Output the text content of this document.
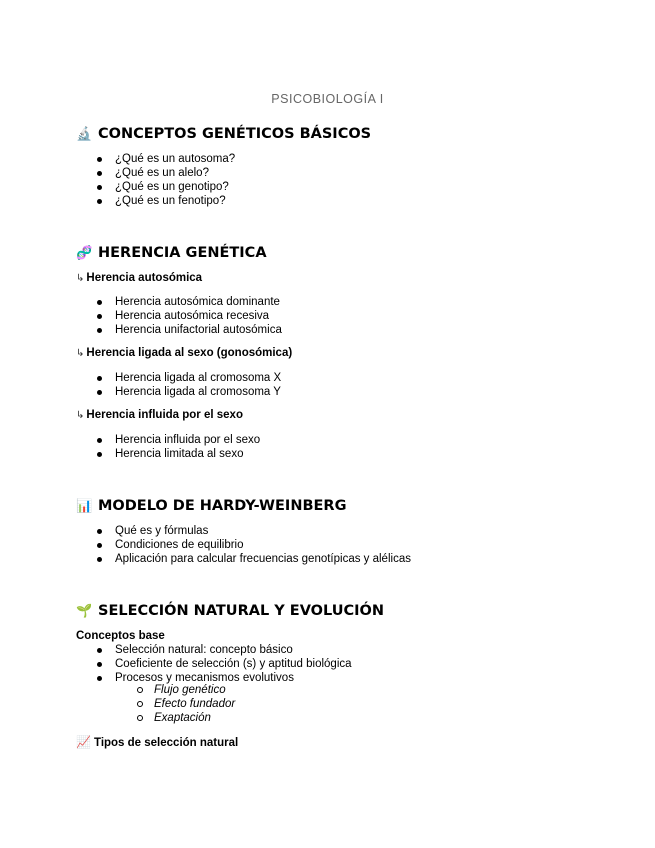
PSICOBIOLOGÍA I
🔬 CONCEPTOS GENÉTICOS BÁSICOS
¿Qué es un autosoma?
¿Qué es un alelo?
¿Qué es un genotipo?
¿Qué es un fenotipo?
🧬 HERENCIA GENÉTICA
↳ Herencia autosómica
Herencia autosómica dominante
Herencia autosómica recesiva
Herencia unifactorial autosómica
↳ Herencia ligada al sexo (gonosómica)
Herencia ligada al cromosoma X
Herencia ligada al cromosoma Y
↳ Herencia influida por el sexo
Herencia influida por el sexo
Herencia limitada al sexo
📊 MODELO DE HARDY-WEINBERG
Qué es y fórmulas
Condiciones de equilibrio
Aplicación para calcular frecuencias genotípicas y alélicas
🌱 SELECCIÓN NATURAL Y EVOLUCIÓN
Conceptos base
Selección natural: concepto básico
Coeficiente de selección (s) y aptitud biológica
Procesos y mecanismos evolutivos
Flujo genético
Efecto fundador
Exaptación
📈 Tipos de selección natural
